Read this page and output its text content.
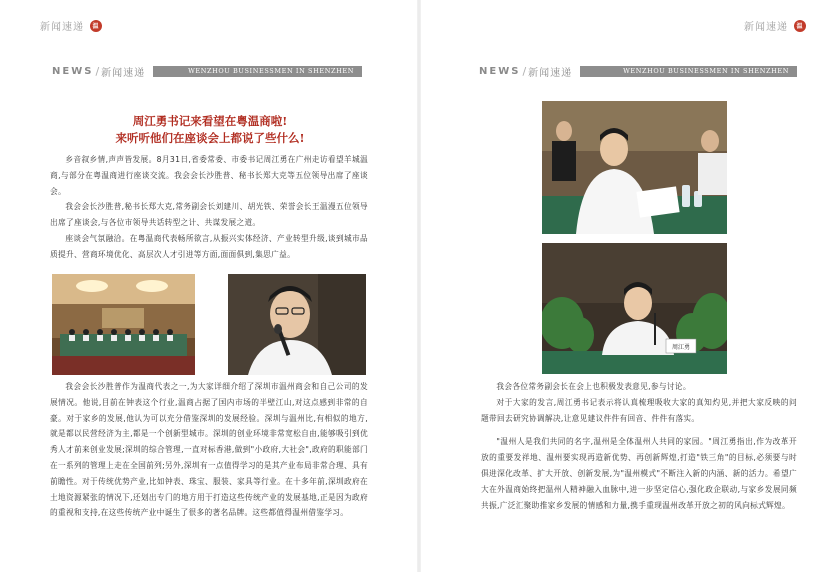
新闻速递	温
NEWS / 新闻速递	WENZHOU BUSINESSMEN IN SHENZHEN
周江勇书记来看望在粤温商啦!
来听听他们在座谈会上都说了些什么!

乡音叙乡情,声声皆发展。8月31日,省委常委、市委书记周江勇在广州走访看望羊城温商,与部分在粤温商进行座谈交流。我会会长沙胜普、秘书长郑大克等五位领导出席了座谈会。

我会会长沙胜普,秘书长郑大克,常务副会长刘建川、胡光铁、荣誉会长王温漫五位领导出席了座谈会,与各位市领导共话转型之计、共谋发展之道。

座谈会气氛融洽。在粤温商代表畅所欲言,从振兴实体经济、产业转型升级,谈到城市品质提升、营商环境优化、高层次人才引进等方面,面面俱到,集思广益。

我会会长沙胜普作为温商代表之一,为大家详细介绍了深圳市温州商会和自己公司的发展情况。他说,目前在钟表这个行业,温商占据了国内市场的半壁江山,对这点感到非常的自豪。对于家乡的发展,他认为可以充分借鉴深圳的发展经验。深圳与温州比,有相似的地方,就是都以民营经济为主,都是一个创新型城市。深圳的创业环境非常宽松自由,能够吸引到优秀人才前来创业发展;深圳的综合管理,一直对标香港,做到"小政府,大社会",政府的职能部门在一系列的管理上走在全国前列;另外,深圳有一点值得学习的是其产业布局非常合理、具有前瞻性。对于传统优势产业,比如钟表、珠宝、服装、家具等行业。在十多年前,深圳政府在土地资源紧张的情况下,还划出专门的地方用于打造这些传统产业的发展基地,正是因为政府的重视和支持,在这些传统产业中诞生了很多的著名品牌。这些都值得温州借鉴学习。

新闻速递	温
NEWS / 新闻速递	WENZHOU BUSINESSMEN IN SHENZHEN
周江勇

我会各位常务副会长在会上也积极发表意见,参与讨论。

对于大家的发言,周江勇书记表示将认真梳理吸收大家的真知灼见,并把大家反映的问题带回去研究协调解决,让意见建议件件有回音、件件有落实。

"温州人是我们共同的名字,温州是全体温州人共同的家园。"周江勇指出,作为改革开放的重要发祥地、温州要实现再造新优势、再创新辉煌,打造"铁三角"的目标,必须要与时俱进深化改革、扩大开放、创新发展,为"温州模式"不断注入新的内涵、新的活力。希望广大在外温商始终把温州人精神融入血脉中,进一步坚定信心,强化政企联动,与家乡发展同频共振,广泛汇聚助推家乡发展的情感和力量,携手重现温州改革开放之初的风向标式辉煌。
